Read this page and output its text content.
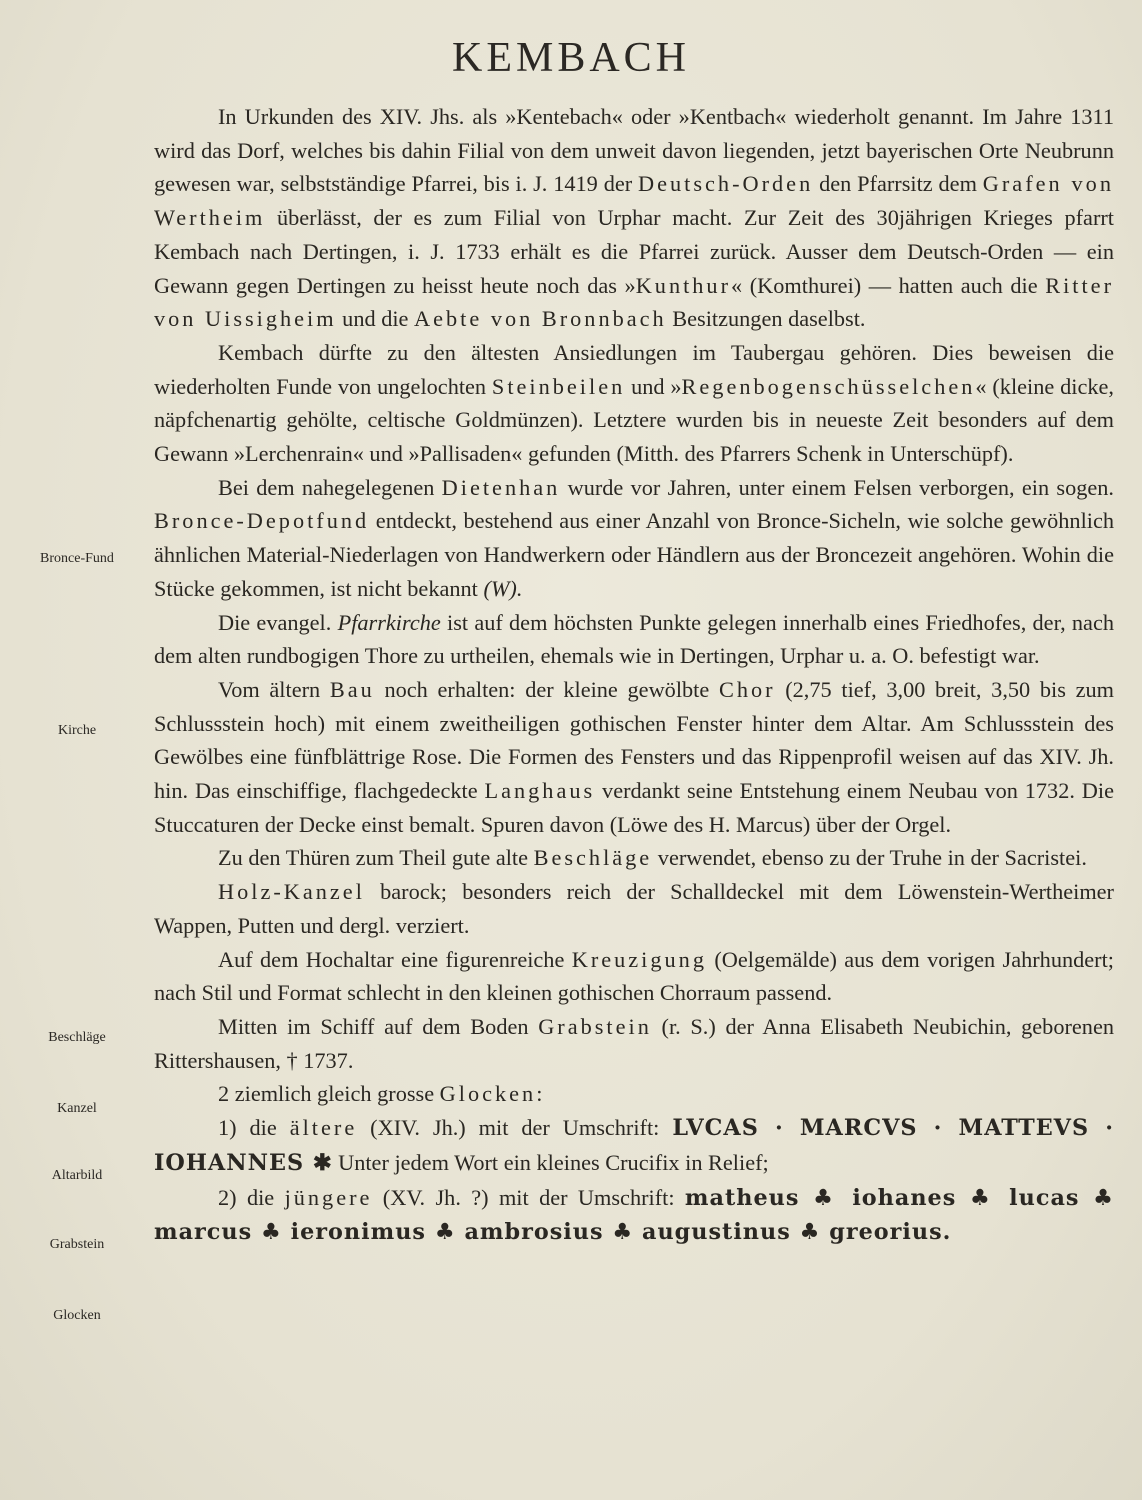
KEMBACH
Bronce-Fund
Kirche
Beschläge
Kanzel
Altarbild
Grabstein
Glocken

In Urkunden des XIV. Jhs. als »Kentebach« oder »Kentbach« wiederholt genannt. Im Jahre 1311 wird das Dorf, welches bis dahin Filial von dem unweit davon liegenden, jetzt bayerischen Orte Neubrunn gewesen war, selbstständige Pfarrei, bis i. J. 1419 der Deutsch-Orden den Pfarrsitz dem Grafen von Wertheim überlässt, der es zum Filial von Urphar macht. Zur Zeit des 30jährigen Krieges pfarrt Kembach nach Dertingen, i. J. 1733 erhält es die Pfarrei zurück. Ausser dem Deutsch-Orden — ein Gewann gegen Dertingen zu heisst heute noch das »Kunthur« (Komthurei) — hatten auch die Ritter von Uissigheim und die Aebte von Bronnbach Besitzungen daselbst.

Kembach dürfte zu den ältesten Ansiedlungen im Taubergau gehören. Dies beweisen die wiederholten Funde von ungelochten Steinbeilen und »Regenbogenschüsselchen« (kleine dicke, näpfchenartig gehölte, celtische Goldmünzen). Letztere wurden bis in neueste Zeit besonders auf dem Gewann »Lerchenrain« und »Pallisaden« gefunden (Mitth. des Pfarrers Schenk in Unterschüpf).

Bei dem nahegelegenen Dietenhan wurde vor Jahren, unter einem Felsen verborgen, ein sogen. Bronce-Depotfund entdeckt, bestehend aus einer Anzahl von Bronce-Sicheln, wie solche gewöhnlich ähnlichen Material-Niederlagen von Handwerkern oder Händlern aus der Broncezeit angehören. Wohin die Stücke gekommen, ist nicht bekannt (W).

Die evangel. Pfarrkirche ist auf dem höchsten Punkte gelegen innerhalb eines Friedhofes, der, nach dem alten rundbogigen Thore zu urtheilen, ehemals wie in Dertingen, Urphar u. a. O. befestigt war.

Vom ältern Bau noch erhalten: der kleine gewölbte Chor (2,75 tief, 3,00 breit, 3,50 bis zum Schlussstein hoch) mit einem zweitheiligen gothischen Fenster hinter dem Altar. Am Schlussstein des Gewölbes eine fünfblättrige Rose. Die Formen des Fensters und das Rippenprofil weisen auf das XIV. Jh. hin. Das einschiffige, flachgedeckte Langhaus verdankt seine Entstehung einem Neubau von 1732. Die Stuccaturen der Decke einst bemalt. Spuren davon (Löwe des H. Marcus) über der Orgel.

Zu den Thüren zum Theil gute alte Beschläge verwendet, ebenso zu der Truhe in der Sacristei.

Holz-Kanzel barock; besonders reich der Schalldeckel mit dem Löwenstein-Wertheimer Wappen, Putten und dergl. verziert.

Auf dem Hochaltar eine figurenreiche Kreuzigung (Oelgemälde) aus dem vorigen Jahrhundert; nach Stil und Format schlecht in den kleinen gothischen Chorraum passend.

Mitten im Schiff auf dem Boden Grabstein (r. S.) der Anna Elisabeth Neubichin, geborenen Rittershausen, † 1737.

2 ziemlich gleich grosse Glocken:

1) die ältere (XIV. Jh.) mit der Umschrift: LVCAS · MARCVS · MATTEVS · IOHANNES ✱ Unter jedem Wort ein kleines Crucifix in Relief;

2) die jüngere (XV. Jh. ?) mit der Umschrift: matheus ♣ iohanes ♣ lucas ♣ marcus ♣ ieronimus ♣ ambrosius ♣ augustinus ♣ greorius.
